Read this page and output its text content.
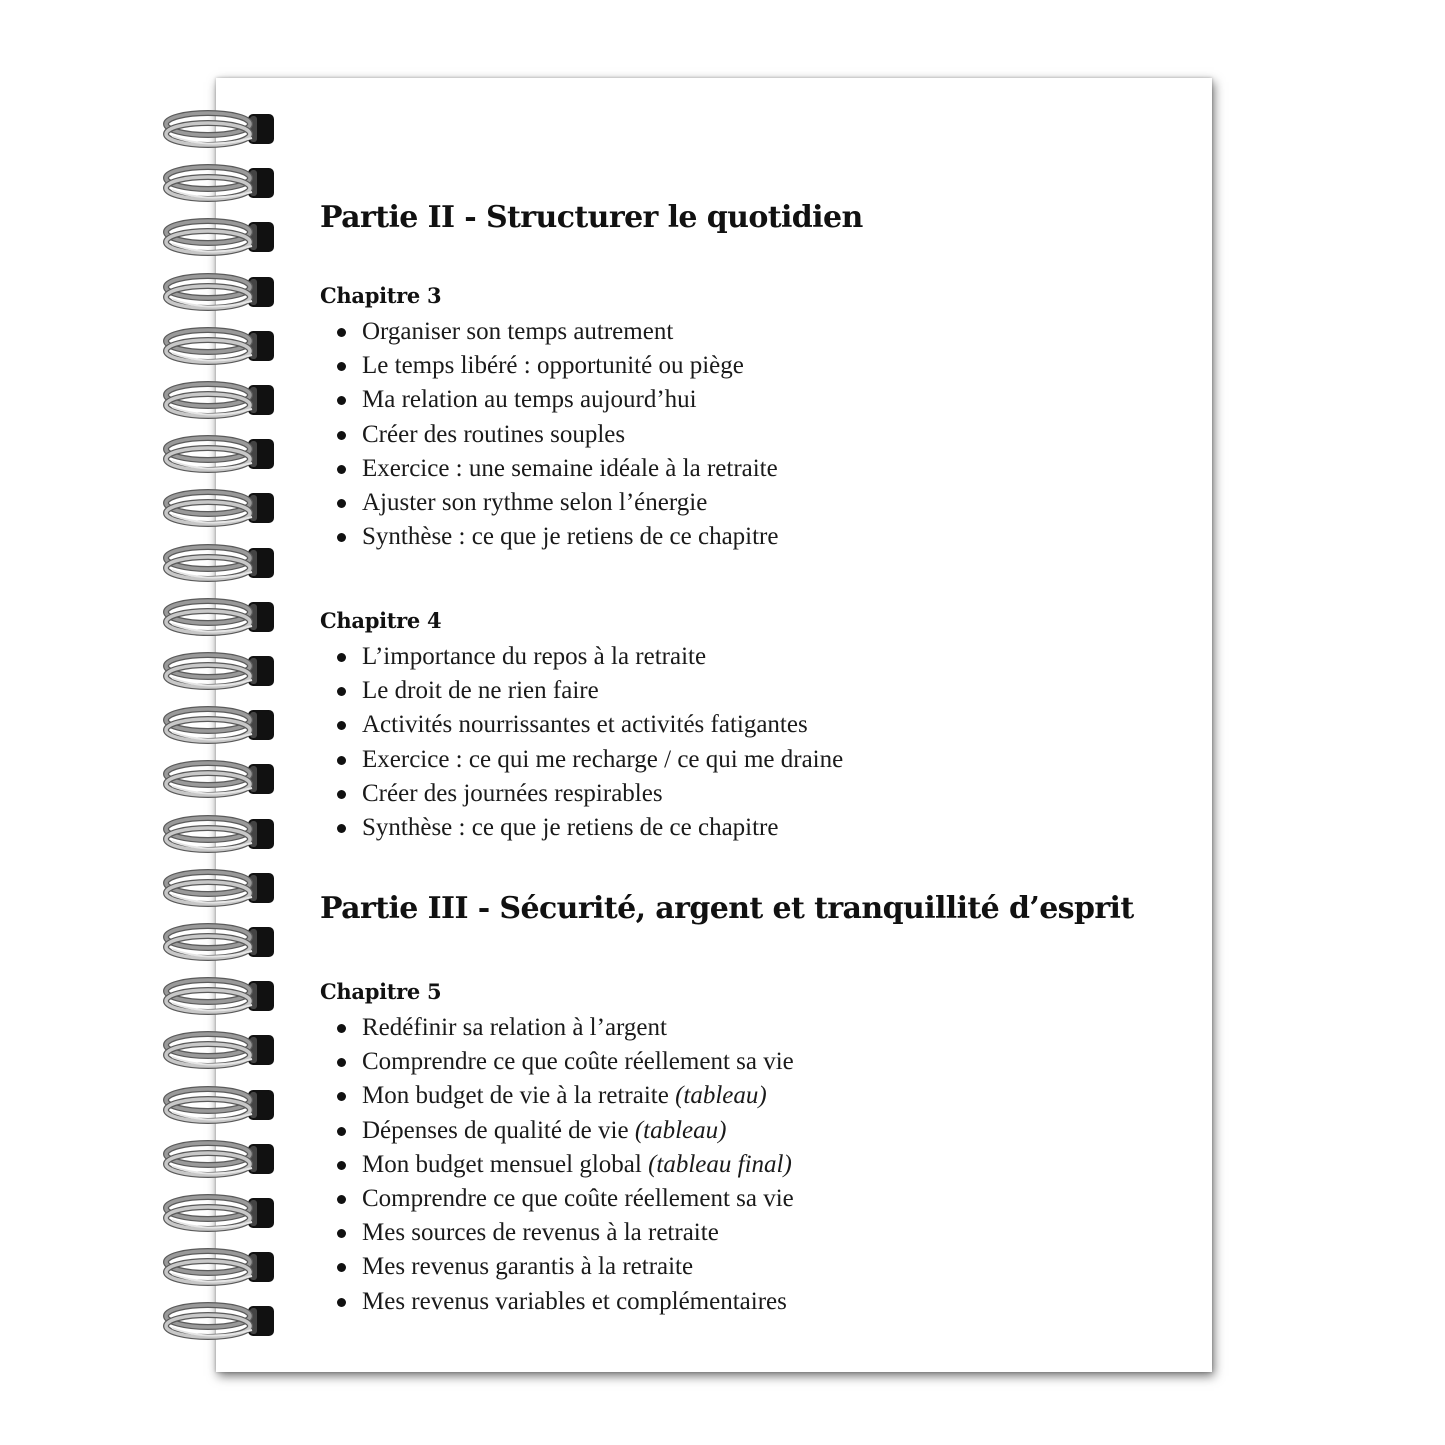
Partie II - Structurer le quotidien
Chapitre 3
Organiser son temps autrement
Le temps libéré : opportunité ou piège
Ma relation au temps aujourd’hui
Créer des routines souples
Exercice : une semaine idéale à la retraite
Ajuster son rythme selon l’énergie
Synthèse : ce que je retiens de ce chapitre
Chapitre 4
L’importance du repos à la retraite
Le droit de ne rien faire
Activités nourrissantes et activités fatigantes
Exercice : ce qui me recharge / ce qui me draine
Créer des journées respirables
Synthèse : ce que je retiens de ce chapitre
Partie III - Sécurité, argent et tranquillité d’esprit
Chapitre 5
Redéfinir sa relation à l’argent
Comprendre ce que coûte réellement sa vie
Mon budget de vie à la retraite (tableau)
Dépenses de qualité de vie (tableau)
Mon budget mensuel global (tableau final)
Comprendre ce que coûte réellement sa vie
Mes sources de revenus à la retraite
Mes revenus garantis à la retraite
Mes revenus variables et complémentaires
